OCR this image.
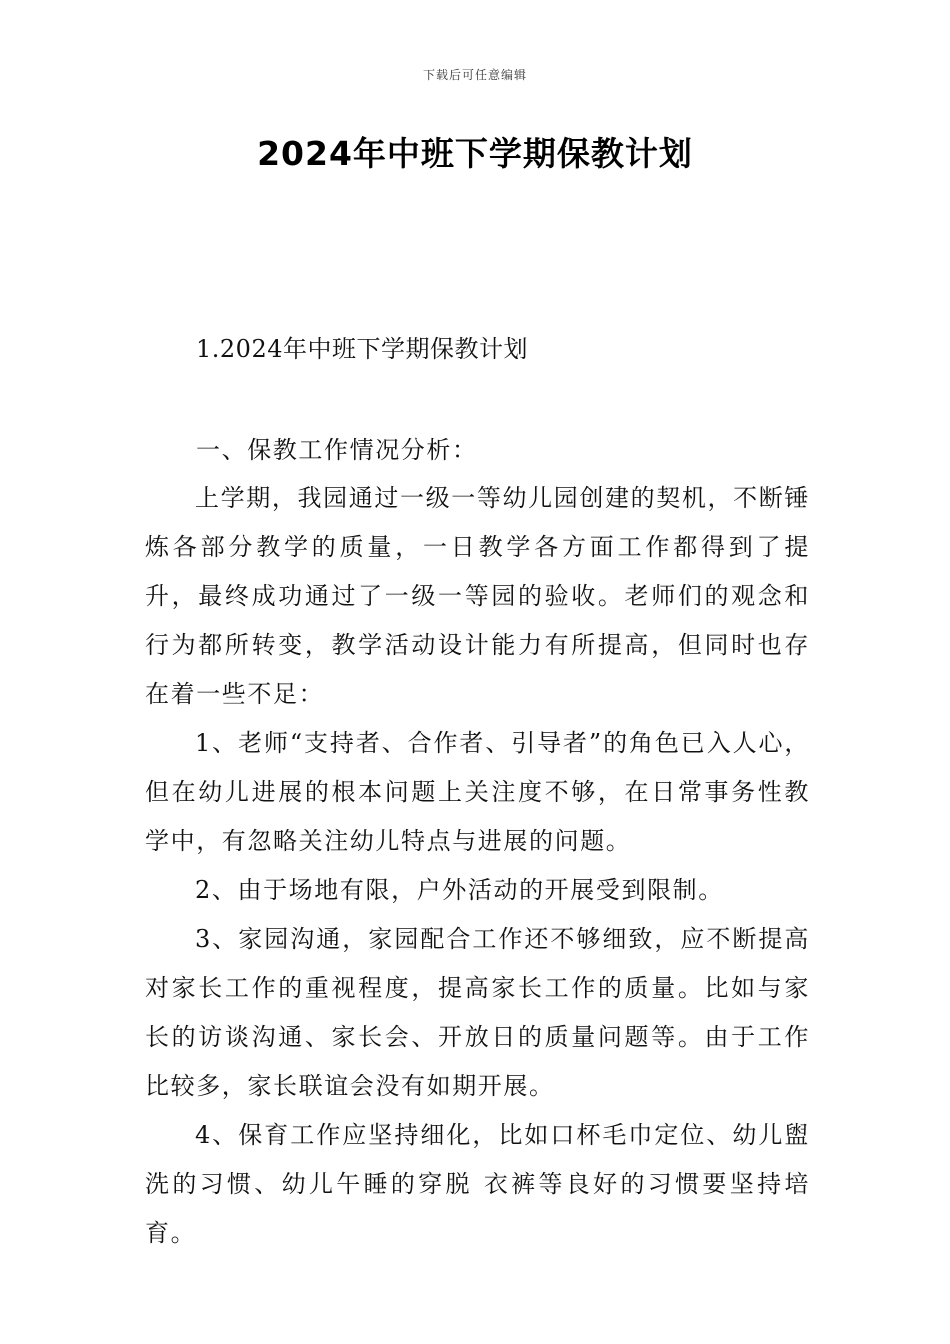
下载后可任意编辑
2024年中班下学期保教计划
1.2024年中班下学期保教计划
一、保教工作情况分析：

上学期，我园通过一级一等幼儿园创建的契机，不断锤炼各部分教学的质量，一日教学各方面工作都得到了提升，最终成功通过了一级一等园的验收。老师们的观念和行为都所转变，教学活动设计能力有所提高，但同时也存在着一些不足：

1、老师“支持者、合作者、引导者”的角色已入人心，但在幼儿进展的根本问题上关注度不够，在日常事务性教学中，有忽略关注幼儿特点与进展的问题。

2、由于场地有限，户外活动的开展受到限制。

3、家园沟通，家园配合工作还不够细致，应不断提高对家长工作的重视程度，提高家长工作的质量。比如与家长的访谈沟通、家长会、开放日的质量问题等。由于工作比较多，家长联谊会没有如期开展。

4、保育工作应坚持细化，比如口杯毛巾定位、幼儿盥洗的习惯、幼儿午睡的穿脱 衣裤等良好的习惯要坚持培育。
